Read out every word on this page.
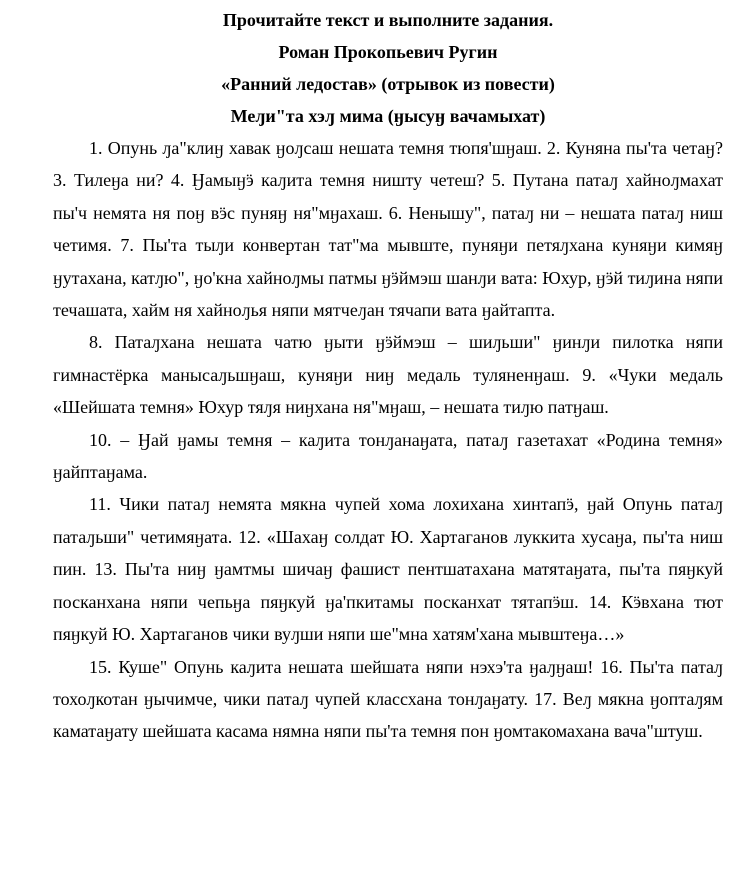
Прочитайте текст и выполните задания.

Роман Прокопьевич Ругин

«Ранний ледостав» (отрывок из повести)

Меԓи"та хэԓ мима (ӈысуӈ вачамыхат)

1. Опунь ԓа"клиӈ хавак ӈоԓсаш нешата темня тюпя'шӈаш. 2. Куняна пы'та четаӈ? 3. Тилеӈа ни? 4. Ӈамыӈӭ каԓита темня ништу четеш? 5. Путана патаԓ хайноԓмахат пы'ч немята ня поӈ вӭс пуняӈ ня"мӈахаш. 6. Ненышу", патаԓ ни – нешата патаԓ ниш четимя. 7. Пы'та тыԓи конвертан тат"ма мывште, пуняӈи петяԓхана куняӈи кимяӈ ӈутахана, катԓю", ӈо'кна хайноԓмы патмы ӈӭймэш шанԓи вата: Юхур, ӈӭй тиԓина няпи течашата, хайм ня хайноԓья няпи мятчеԓан тячапи вата ӈайтапта.

8. Патаԓхана нешата чатю ӈыти ӈӭймэш – шиԓьши" ӈинԓи пилотка няпи гимнастёрка манысаԓьшӈаш, куняӈи ниӈ медаль туляненӈаш. 9. «Чуки медаль «Шейшата темня» Юхур тяԓя ниӈхана ня"мӈаш, – нешата тиԓю патӈаш.

10. – Ӈай ӈамы темня – каԓита тонԓанаӈата, патаԓ газетахат «Родина темня» ӈайптаӈама.

11. Чики патаԓ немята мякна чупей хома лохихана хинтапӭ, ӈай Опунь патаԓ патаԓьши" четимяӈата. 12. «Шахаӈ солдат Ю. Хартаганов луккита хусаӈа, пы'та ниш пин. 13. Пы'та ниӈ ӈамтмы шичаӈ фашист пентшатахана матятаӈата, пы'та пяӈкуй посканхана няпи чепьӈа пяӈкуй ӈа'пкитамы посканхат тятапӭш. 14. Кӭвхана тют пяӈкуй Ю. Хартаганов чики вуԓши няпи ше"мна хатям'хана мывштеӈа…»

15. Куше" Опунь каԓита нешата шейшата няпи нэхэ'та ӈаԓӈаш! 16. Пы'та патаԓ тохоԓкотан ӈычимче, чики патаԓ чупей классхана тонԓаӈату. 17. Веԓ мякна ӈоптаԓям каматаӈату шейшата касама нямна няпи пы'та темня пон ӈомтакомахана вача"штуш.
